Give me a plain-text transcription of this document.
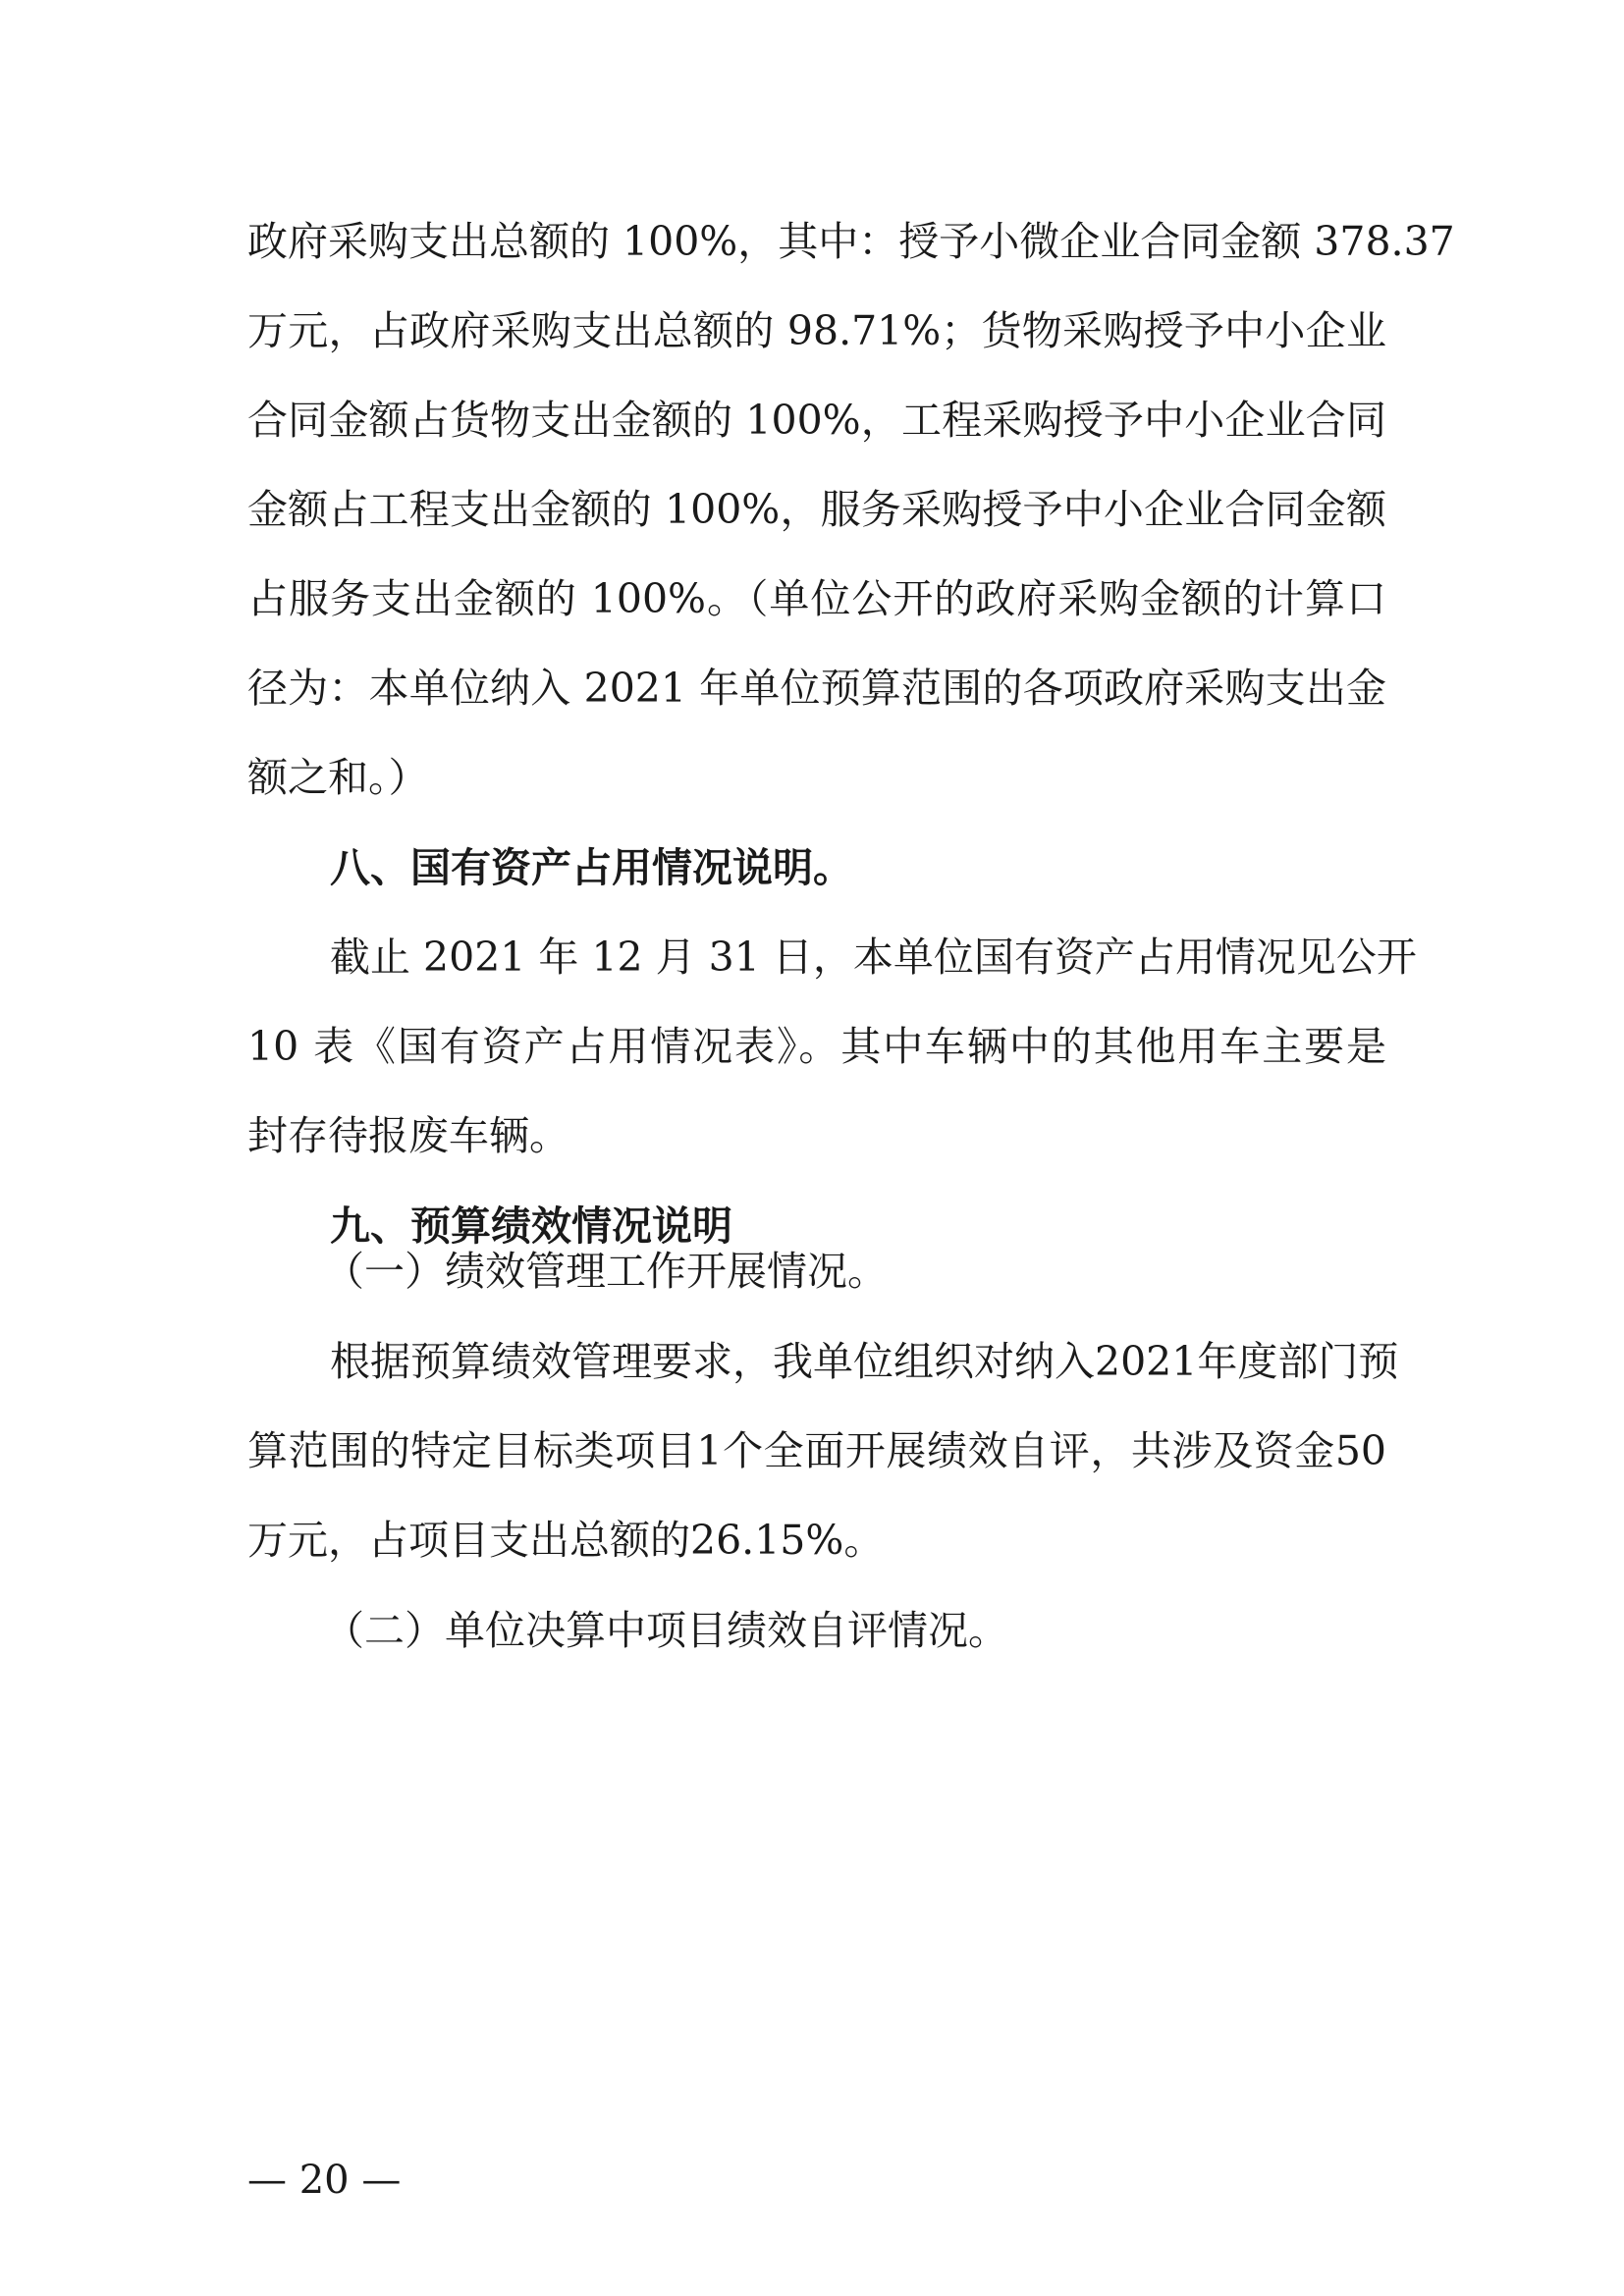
政府采购支出总额的 100%，其中：授予小微企业合同金额 378.37
万元，占政府采购支出总额的 98.71%；货物采购授予中小企业
合同金额占货物支出金额的 100%，工程采购授予中小企业合同
金额占工程支出金额的 100%，服务采购授予中小企业合同金额
占服务支出金额的 100%。（单位公开的政府采购金额的计算口
径为：本单位纳入 2021 年单位预算范围的各项政府采购支出金
额之和。）
八、国有资产占用情况说明。
截止 2021 年 12 月 31 日，本单位国有资产占用情况见公开
10 表《国有资产占用情况表》。其中车辆中的其他用车主要是
封存待报废车辆。
九、预算绩效情况说明
（一）绩效管理工作开展情况。
根据预算绩效管理要求，我单位组织对纳入2021年度部门预
算范围的特定目标类项目1个全面开展绩效自评，共涉及资金50
万元，占项目支出总额的26.15%。
（二）单位决算中项目绩效自评情况。
— 20 —
